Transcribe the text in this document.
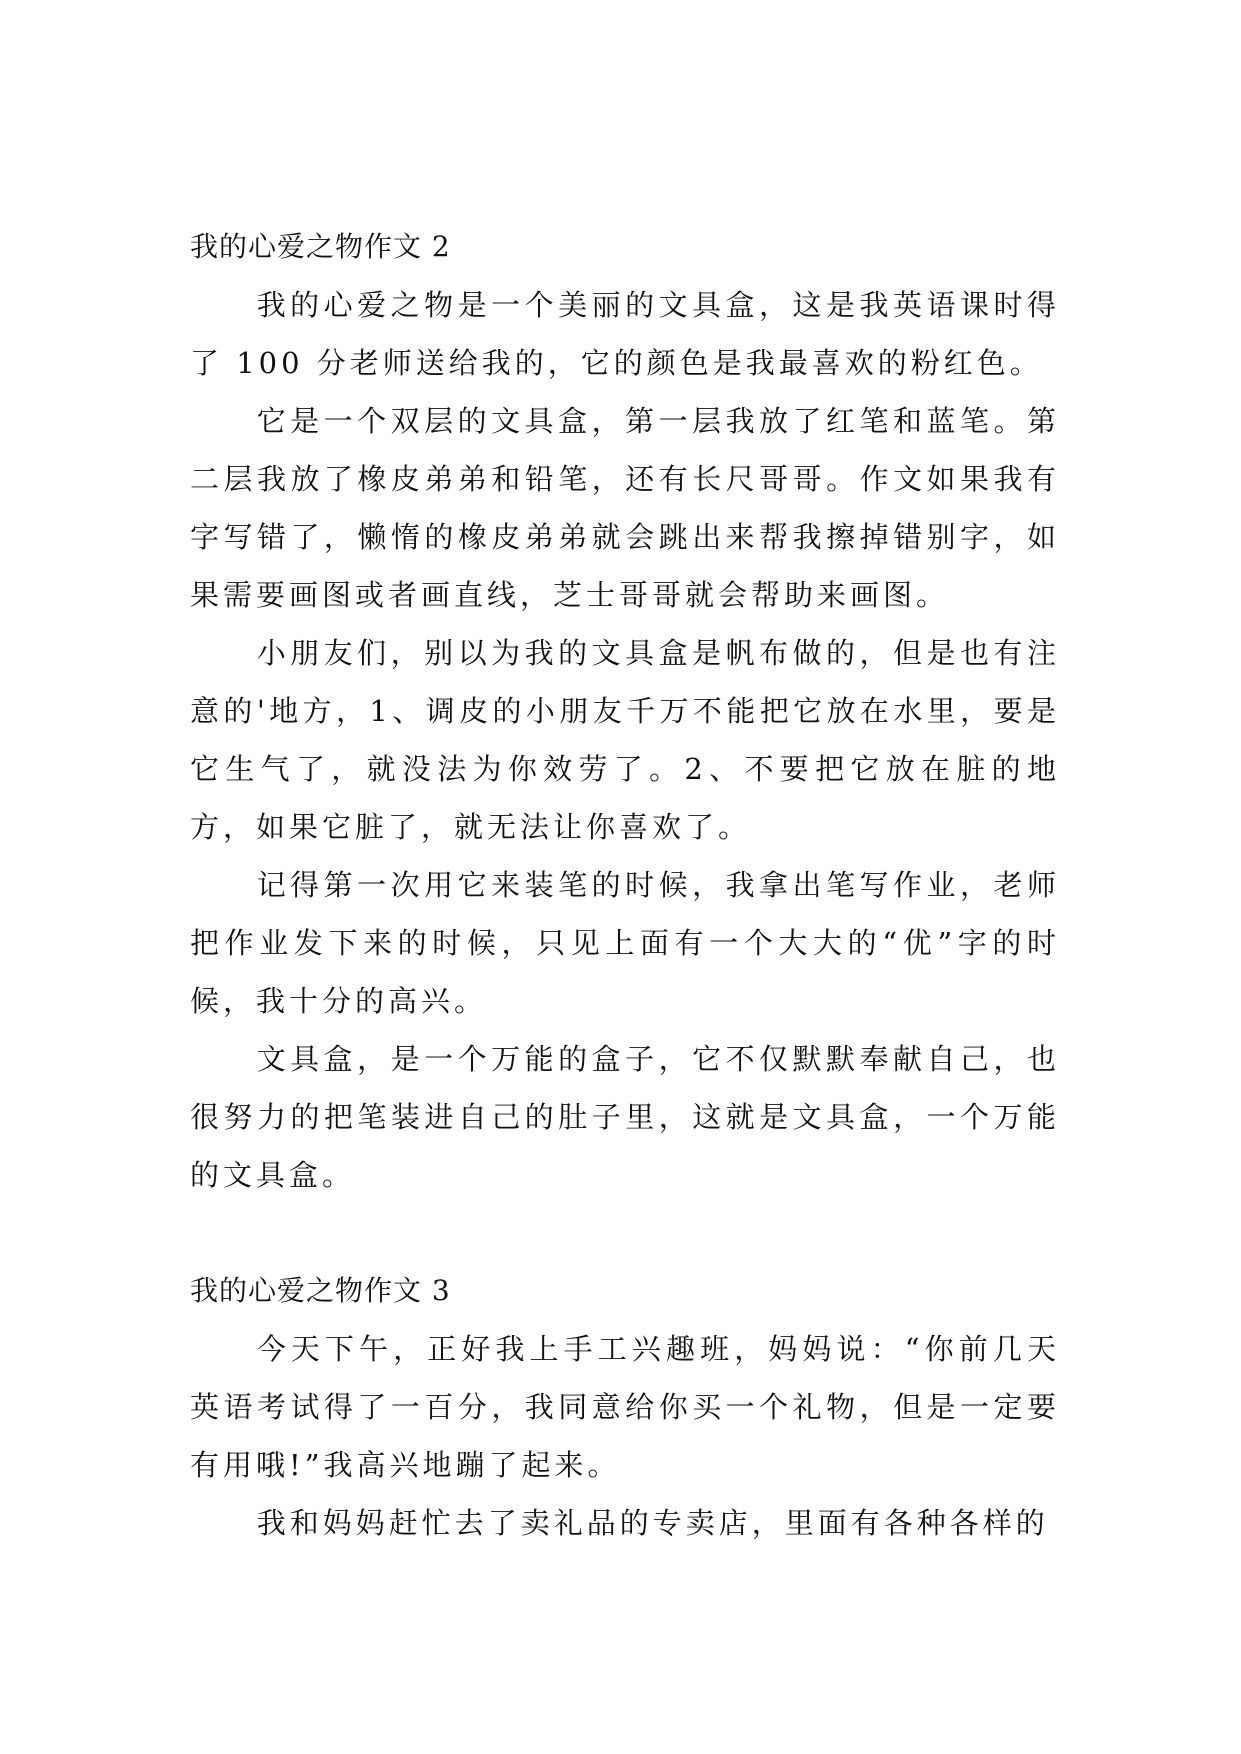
我的心爱之物作文 2

我的心爱之物是一个美丽的文具盒，这是我英语课时得了 100 分老师送给我的，它的颜色是我最喜欢的粉红色。

它是一个双层的文具盒，第一层我放了红笔和蓝笔。第二层我放了橡皮弟弟和铅笔，还有长尺哥哥。作文如果我有字写错了，懒惰的橡皮弟弟就会跳出来帮我擦掉错别字，如果需要画图或者画直线，芝士哥哥就会帮助来画图。

小朋友们，别以为我的文具盒是帆布做的，但是也有注意的'地方，1、调皮的小朋友千万不能把它放在水里，要是它生气了，就没法为你效劳了。2、不要把它放在脏的地方，如果它脏了，就无法让你喜欢了。

记得第一次用它来装笔的时候，我拿出笔写作业，老师把作业发下来的时候，只见上面有一个大大的“优”字的时候，我十分的高兴。

文具盒，是一个万能的盒子，它不仅默默奉献自己，也很努力的把笔装进自己的肚子里，这就是文具盒，一个万能的文具盒。

我的心爱之物作文 3

今天下午，正好我上手工兴趣班，妈妈说：“你前几天英语考试得了一百分，我同意给你买一个礼物，但是一定要有用哦!”我高兴地蹦了起来。

我和妈妈赶忙去了卖礼品的专卖店，里面有各种各样的
